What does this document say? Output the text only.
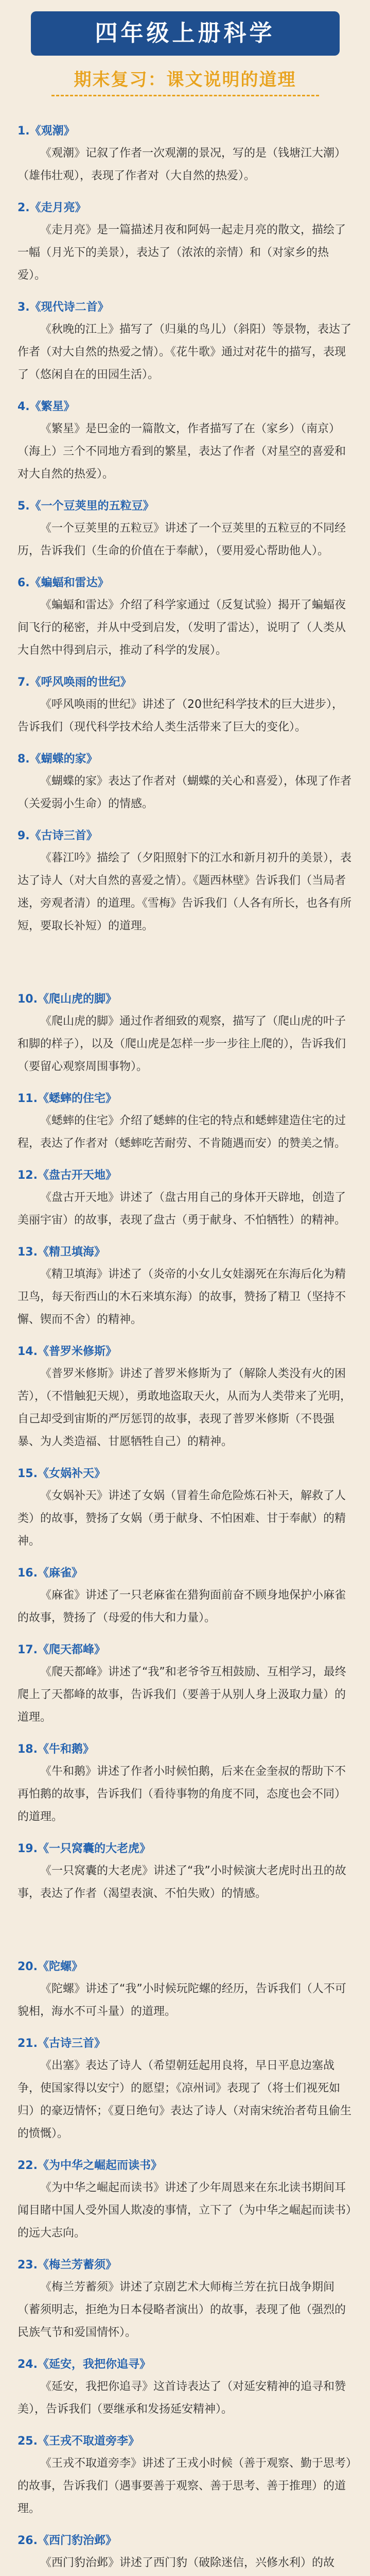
四年级上册科学
期末复习：课文说明的道理
1.《观潮》

《观潮》记叙了作者一次观潮的景况，写的是（钱塘江大潮）（雄伟壮观），表现了作者对（大自然的热爱）。

2.《走月亮》

《走月亮》是一篇描述月夜和阿妈一起走月亮的散文，描绘了一幅（月光下的美景），表达了（浓浓的亲情）和（对家乡的热爱）。

3.《现代诗二首》

《秋晚的江上》描写了（归巢的鸟儿）（斜阳）等景物，表达了作者（对大自然的热爱之情）。《花牛歌》通过对花牛的描写，表现了（悠闲自在的田园生活）。

4.《繁星》

《繁星》是巴金的一篇散文，作者描写了在（家乡）（南京）（海上）三个不同地方看到的繁星，表达了作者（对星空的喜爱和对大自然的热爱）。

5.《一个豆荚里的五粒豆》

《一个豆荚里的五粒豆》讲述了一个豆荚里的五粒豆的不同经历，告诉我们（生命的价值在于奉献），（要用爱心帮助他人）。

6.《蝙蝠和雷达》

《蝙蝠和雷达》介绍了科学家通过（反复试验）揭开了蝙蝠夜间飞行的秘密，并从中受到启发，（发明了雷达），说明了（人类从大自然中得到启示，推动了科学的发展）。

7.《呼风唤雨的世纪》

《呼风唤雨的世纪》讲述了（20世纪科学技术的巨大进步），告诉我们（现代科学技术给人类生活带来了巨大的变化）。

8.《蝴蝶的家》

《蝴蝶的家》表达了作者对（蝴蝶的关心和喜爱），体现了作者（关爱弱小生命）的情感。

9.《古诗三首》

《暮江吟》描绘了（夕阳照射下的江水和新月初升的美景），表达了诗人（对大自然的喜爱之情）。《题西林壁》告诉我们（当局者迷，旁观者清）的道理。《雪梅》告诉我们（人各有所长，也各有所短，要取长补短）的道理。

10.《爬山虎的脚》

《爬山虎的脚》通过作者细致的观察，描写了（爬山虎的叶子和脚的样子），以及（爬山虎是怎样一步一步往上爬的），告诉我们（要留心观察周围事物）。

11.《蟋蟀的住宅》

《蟋蟀的住宅》介绍了蟋蟀的住宅的特点和蟋蟀建造住宅的过程，表达了作者对（蟋蟀吃苦耐劳、不肯随遇而安）的赞美之情。

12.《盘古开天地》

《盘古开天地》讲述了（盘古用自己的身体开天辟地，创造了美丽宇宙）的故事，表现了盘古（勇于献身、不怕牺牲）的精神。

13.《精卫填海》

《精卫填海》讲述了（炎帝的小女儿女娃溺死在东海后化为精卫鸟，每天衔西山的木石来填东海）的故事，赞扬了精卫（坚持不懈、锲而不舍）的精神。

14.《普罗米修斯》

《普罗米修斯》讲述了普罗米修斯为了（解除人类没有火的困苦），（不惜触犯天规），勇敢地盗取天火，从而为人类带来了光明，自己却受到宙斯的严厉惩罚的故事，表现了普罗米修斯（不畏强暴、为人类造福、甘愿牺牲自己）的精神。

15.《女娲补天》

《女娲补天》讲述了女娲（冒着生命危险炼石补天，解救了人类）的故事，赞扬了女娲（勇于献身、不怕困难、甘于奉献）的精神。

16.《麻雀》

《麻雀》讲述了一只老麻雀在猎狗面前奋不顾身地保护小麻雀的故事，赞扬了（母爱的伟大和力量）。

17.《爬天都峰》

《爬天都峰》讲述了“我”和老爷爷互相鼓励、互相学习，最终爬上了天都峰的故事，告诉我们（要善于从别人身上汲取力量）的道理。

18.《牛和鹅》

《牛和鹅》讲述了作者小时候怕鹅，后来在金奎叔的帮助下不再怕鹅的故事，告诉我们（看待事物的角度不同，态度也会不同）的道理。

19.《一只窝囊的大老虎》

《一只窝囊的大老虎》讲述了“我”小时候演大老虎时出丑的故事，表达了作者（渴望表演、不怕失败）的情感。

20.《陀螺》

《陀螺》讲述了“我”小时候玩陀螺的经历，告诉我们（人不可貌相，海水不可斗量）的道理。

21.《古诗三首》

《出塞》表达了诗人（希望朝廷起用良将，早日平息边塞战争，使国家得以安宁）的愿望；《凉州词》表现了（将士们视死如归）的豪迈情怀；《夏日绝句》表达了诗人（对南宋统治者苟且偷生的愤慨）。

22.《为中华之崛起而读书》

《为中华之崛起而读书》讲述了少年周恩来在东北读书期间耳闻目睹中国人受外国人欺凌的事情，立下了（为中华之崛起而读书）的远大志向。

23.《梅兰芳蓄须》

《梅兰芳蓄须》讲述了京剧艺术大师梅兰芳在抗日战争期间（蓄须明志，拒绝为日本侵略者演出）的故事，表现了他（强烈的民族气节和爱国情怀）。

24.《延安，我把你追寻》

《延安，我把你追寻》这首诗表达了（对延安精神的追寻和赞美），告诉我们（要继承和发扬延安精神）。

25.《王戎不取道旁李》

《王戎不取道旁李》讲述了王戎小时候（善于观察、勤于思考）的故事，告诉我们（遇事要善于观察、善于思考、善于推理）的道理。

26.《西门豹治邺》

《西门豹治邺》讲述了西门豹（破除迷信，兴修水利）的故
